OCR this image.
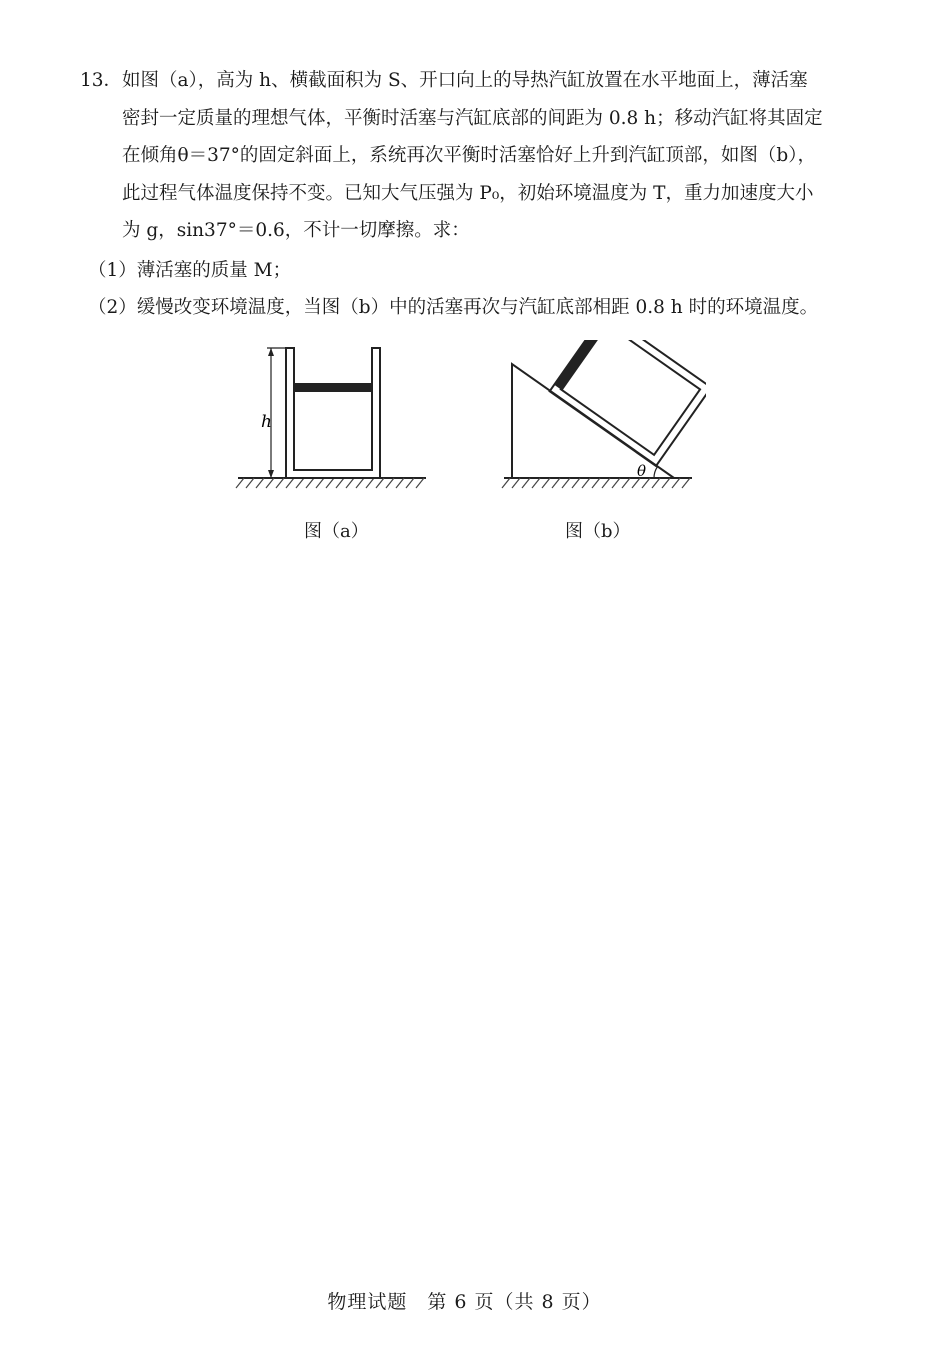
13． 如图（a），高为 h、横截面积为 S、开口向上的导热汽缸放置在水平地面上，薄活塞
密封一定质量的理想气体，平衡时活塞与汽缸底部的间距为 0.8 h；移动汽缸将其固定
在倾角θ＝37°的固定斜面上，系统再次平衡时活塞恰好上升到汽缸顶部，如图（b），
此过程气体温度保持不变。已知大气压强为 P₀，初始环境温度为 T，重力加速度大小
为 g，sin37°＝0.6，不计一切摩擦。求：
（1）薄活塞的质量 M；
（2）缓慢改变环境温度，当图（b）中的活塞再次与汽缸底部相距 0.8 h 时的环境温度。
h
图（a）
θ
图（b）
物理试题　第 6 页（共 8 页）
